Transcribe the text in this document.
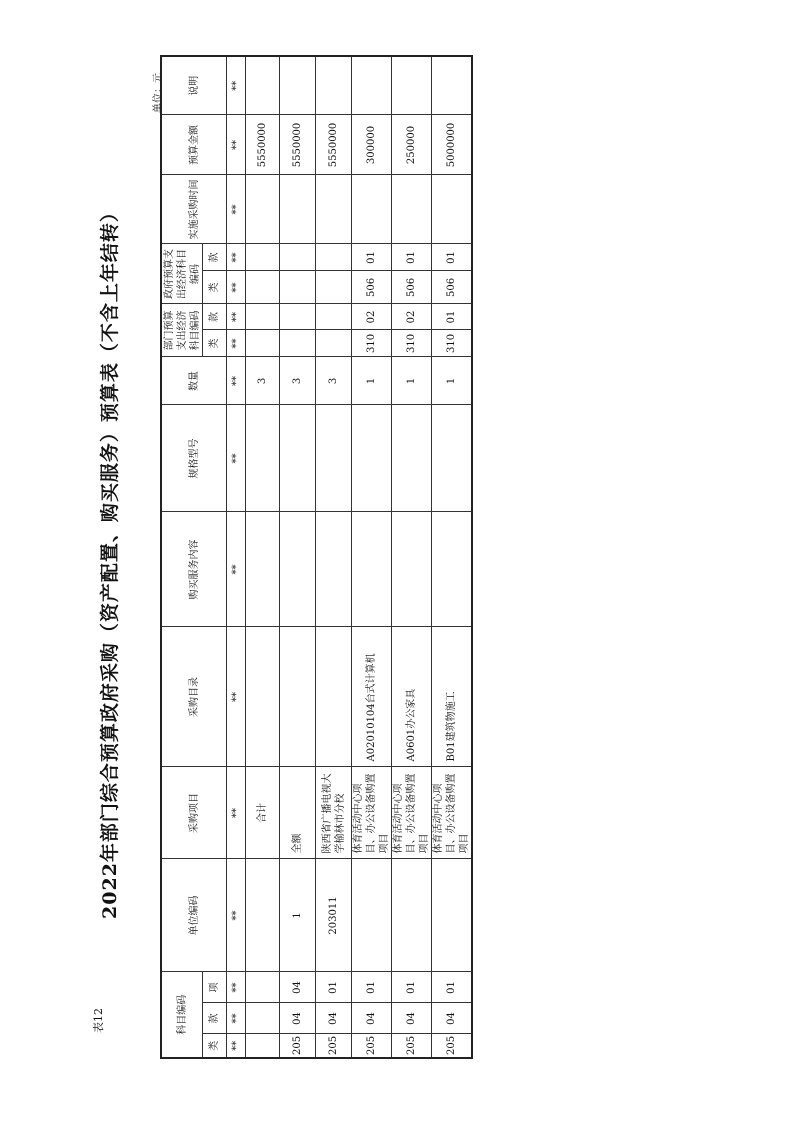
表12
2022年部门综合预算政府采购（资产配置、购买服务）预算表（不含上年结转）
单位：元
科目编码			单位编码	采购项目	采购目录	购买服务内容	规格型号	数量	部门预算支出经济科目编码		政府预算支出经济科目编码		实施采购时间	预算金额	说明
类	款	项							类	款	类	款			
**	**	**	**	**	**	**	**	**	**	**	**	**	**	**	**
				合计				3						5550000	
205	04	04	1	全额				3						5550000	
205	04	01	203011	陕西省广播电视大学榆林市分校				3						5550000	
205	04	01		体育活动中心项目、办公设备购置项目	A02010104台式计算机			1	310	02	506	01		300000	
205	04	01		体育活动中心项目、办公设备购置项目	A0601办公家具			1	310	02	506	01		250000	
205	04	01		体育活动中心项目、办公设备购置项目	B01建筑物施工			1	310	01	506	01		5000000	
